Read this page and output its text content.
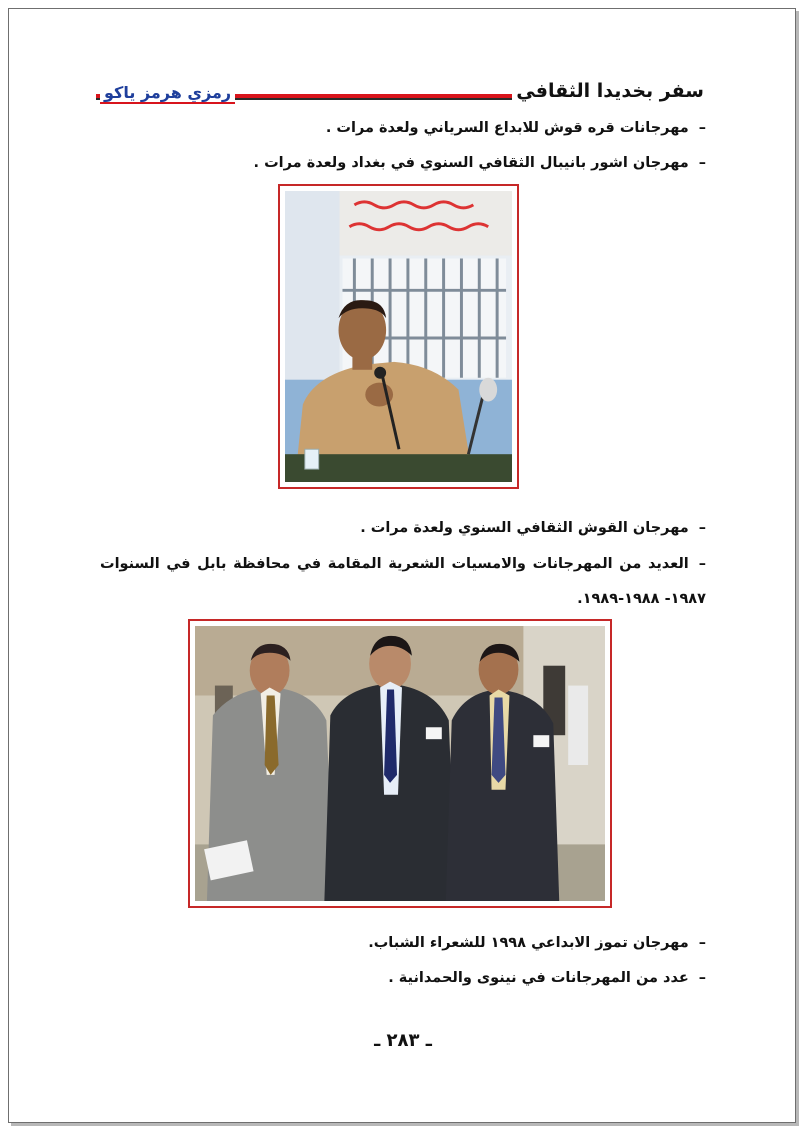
سفر بخديدا الثقافي
رمزي هرمز ياكو
–مهرجانات قره قوش للابداع السرياني ولعدة مرات .
–مهرجان اشور بانيبال الثقافي السنوي في بغداد ولعدة مرات .
–مهرجان القوش الثقافي السنوي ولعدة مرات .
–العديد من المهرجانات والامسيات الشعرية المقامة في محافظة بابل في السنوات ١٩٨٧- ١٩٨٨-١٩٨٩.
–مهرجان تموز الابداعي ١٩٩٨ للشعراء الشباب.
–عدد من المهرجانات في نينوى والحمدانية .
ـ ٢٨٣ ـ
